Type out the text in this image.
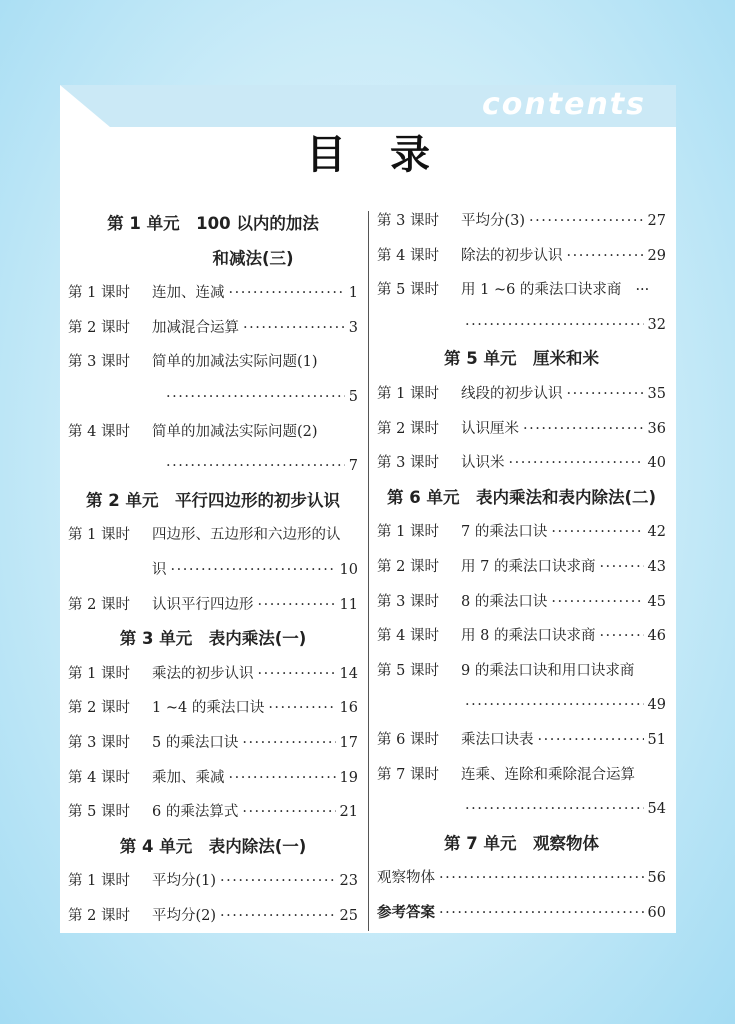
contents
目录
第 1 单元　100 以内的加法
和减法(三)
第 1 课时	连加、连减 ·····	1
第 2 课时	加减混合运算 ·····	3
第 3 课时	简单的加减法实际问题(1)
·····
5
第 4 课时	简单的加减法实际问题(2)
·····
7
第 2 单元　平行四边形的初步认识
第 1 课时	四边形、五边形和六边形的认
识 ·····	10
第 2 课时	认识平行四边形 ·····	11
第 3 单元　表内乘法(一)
第 1 课时	乘法的初步认识 ·····	14
第 2 课时	1 ~4 的乘法口诀 ·····	16
第 3 课时	5 的乘法口诀 ·····	17
第 4 课时	乘加、乘减 ·····	19
第 5 课时	6 的乘法算式 ·····	21
第 4 单元　表内除法(一)
第 1 课时	平均分(1) ·····	23
第 2 课时	平均分(2) ·····	25
第 3 课时	平均分(3) ·····	27
第 4 课时	除法的初步认识 ·····	29
第 5 课时	用 1 ~6 的乘法口诀求商 ···
·····
32
第 5 单元　厘米和米
第 1 课时	线段的初步认识 ·····	35
第 2 课时	认识厘米 ·····	36
第 3 课时	认识米 ·····	40
第 6 单元　表内乘法和表内除法(二)
第 1 课时	7 的乘法口诀 ·····	42
第 2 课时	用 7 的乘法口诀求商 ·····	43
第 3 课时	8 的乘法口诀 ·····	45
第 4 课时	用 8 的乘法口诀求商 ·····	46
第 5 课时	9 的乘法口诀和用口诀求商
·····
49
第 6 课时	乘法口诀表 ·····	51
第 7 课时	连乘、连除和乘除混合运算
·····
54
第 7 单元　观察物体
观察物体 ·····	56
参考答案 ·····	60
